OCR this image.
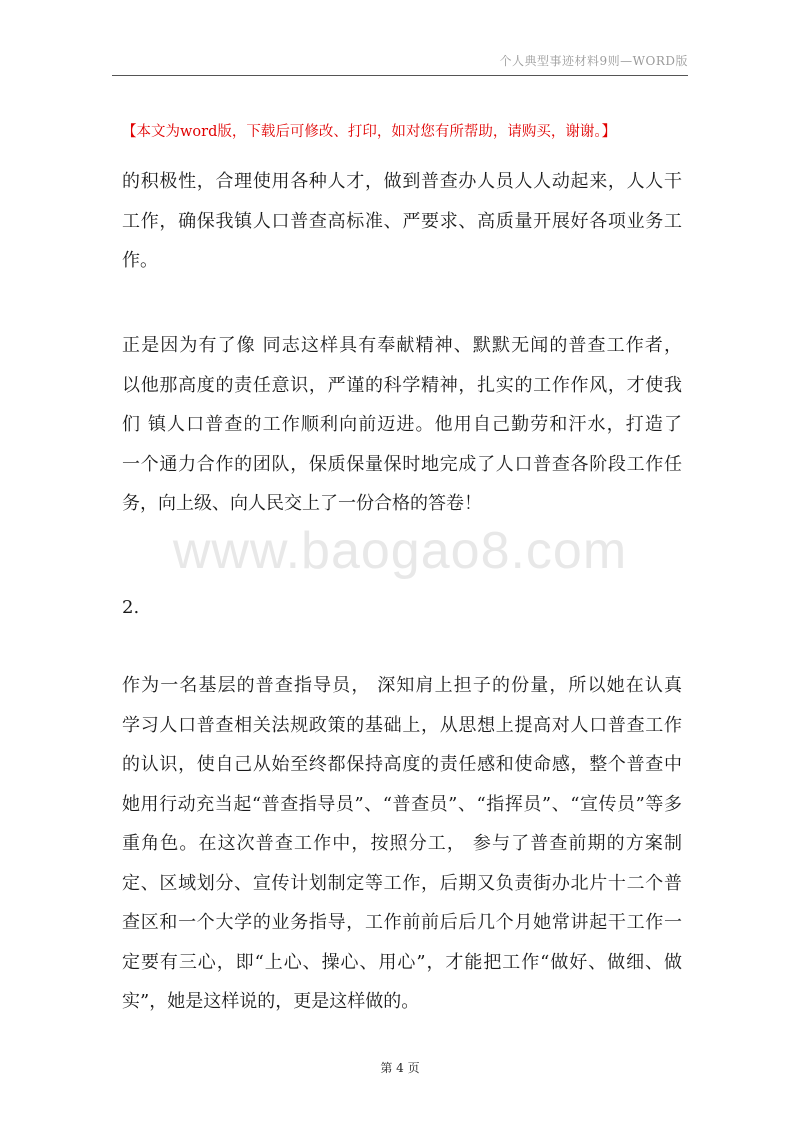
个人典型事迹材料9则—WORD版
【本文为word版，下载后可修改、打印，如对您有所帮助，请购买，谢谢。】
的积极性，合理使用各种人才，做到普查办人员人人动起来，人人干
工作，确保我镇人口普查高标准、严要求、高质量开展好各项业务工
作。
正是因为有了像 同志这样具有奉献精神、默默无闻的普查工作者，
以他那高度的责任意识，严谨的科学精神，扎实的工作作风，才使我
们 镇人口普查的工作顺利向前迈进。他用自己勤劳和汗水，打造了
一个通力合作的团队，保质保量保时地完成了人口普查各阶段工作任
务，向上级、向人民交上了一份合格的答卷！
www.baogao8.com
2.
作为一名基层的普查指导员， 深知肩上担子的份量，所以她在认真
学习人口普查相关法规政策的基础上，从思想上提高对人口普查工作
的认识，使自己从始至终都保持高度的责任感和使命感，整个普查中
她用行动充当起“普查指导员”、“普查员”、“指挥员”、“宣传员”等多
重角色。在这次普查工作中，按照分工， 参与了普查前期的方案制
定、区域划分、宣传计划制定等工作，后期又负责街办北片十二个普
查区和一个大学的业务指导，工作前前后后几个月她常讲起干工作一
定要有三心，即“上心、操心、用心”，才能把工作“做好、做细、做
实”，她是这样说的，更是这样做的。
第 4 页
